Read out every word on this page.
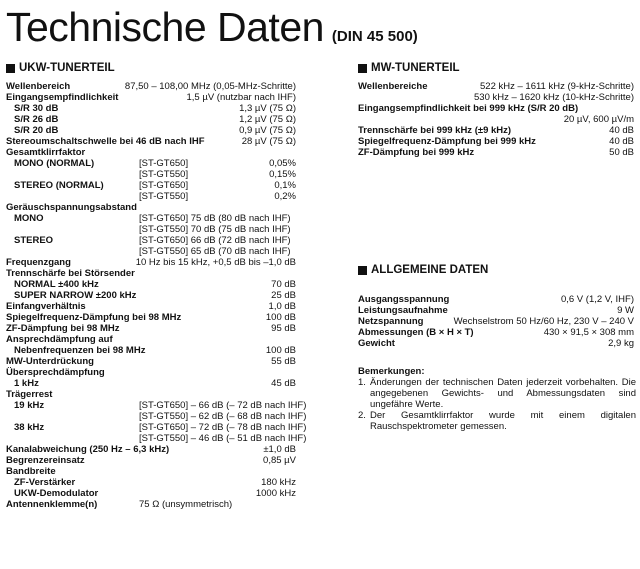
Technische Daten (DIN 45 500)
UKW-TUNERTEIL
Wellenbereich	87,50 – 108,00 MHz (0,05-MHz-Schritte)
Eingangsempfindlichkeit	1,5 µV (nutzbar nach IHF)
S/R 30 dB	1,3 µV (75 Ω)
S/R 26 dB	1,2 µV (75 Ω)
S/R 20 dB	0,9 µV (75 Ω)
Stereoumschaltschwelle bei 46 dB nach IHF	28 µV (75 Ω)
Gesamtklirrfaktor
MONO (NORMAL)	[ST-GT650]	0,05%
[ST-GT550]	0,15%
STEREO (NORMAL)	[ST-GT650]	0,1%
[ST-GT550]	0,2%
Geräuschspannungsabstand
MONO	[ST-GT650] 75 dB (80 dB nach IHF)
[ST-GT550] 70 dB (75 dB nach IHF)
STEREO	[ST-GT650] 66 dB (72 dB nach IHF)
[ST-GT550] 65 dB (70 dB nach IHF)
Frequenzgang	10 Hz bis 15 kHz, +0,5 dB bis –1,0 dB
Trennschärfe bei Störsender
NORMAL ±400 kHz	70 dB
SUPER NARROW ±200 kHz	25 dB
Einfangverhältnis	1,0 dB
Spiegelfrequenz-Dämpfung bei 98 MHz	100 dB
ZF-Dämpfung bei 98 MHz	95 dB
Ansprechdämpfung auf
Nebenfrequenzen bei 98 MHz	100 dB
MW-Unterdrückung	55 dB
Übersprechdämpfung
1 kHz	45 dB
Trägerrest
19 kHz	[ST-GT650] – 66 dB (– 72 dB nach IHF)
[ST-GT550] – 62 dB (– 68 dB nach IHF)
38 kHz	[ST-GT650] – 72 dB (– 78 dB nach IHF)
[ST-GT550] – 46 dB (– 51 dB nach IHF)
Kanalabweichung (250 Hz – 6,3 kHz)	±1,0 dB
Begrenzereinsatz	0,85 µV
Bandbreite
ZF-Verstärker	180 kHz
UKW-Demodulator	1000 kHz
Antennenklemme(n)	75 Ω (unsymmetrisch)
MW-TUNERTEIL
Wellenbereiche	522 kHz – 1611 kHz (9-kHz-Schritte)
530 kHz – 1620 kHz (10-kHz-Schritte)
Eingangsempfindlichkeit bei 999 kHz (S/R 20 dB)
20 µV, 600 µV/m
Trennschärfe bei 999 kHz (±9 kHz)	40 dB
Spiegelfrequenz-Dämpfung bei 999 kHz	40 dB
ZF-Dämpfung bei 999 kHz	50 dB
ALLGEMEINE DATEN
Ausgangsspannung	0,6 V (1,2 V, IHF)
Leistungsaufnahme	9 W
Netzspannung	Wechselstrom 50 Hz/60 Hz, 230 V – 240 V
Abmessungen (B × H × T)	430 × 91,5 × 308 mm
Gewicht	2,9 kg
Bemerkungen:
1. Änderungen der technischen Daten jederzeit vorbehalten. Die angegebenen Gewichts- und Abmessungsdaten sind ungefähre Werte.
2. Der Gesamtklirrfaktor wurde mit einem digitalen Rauschspektrometer gemessen.
